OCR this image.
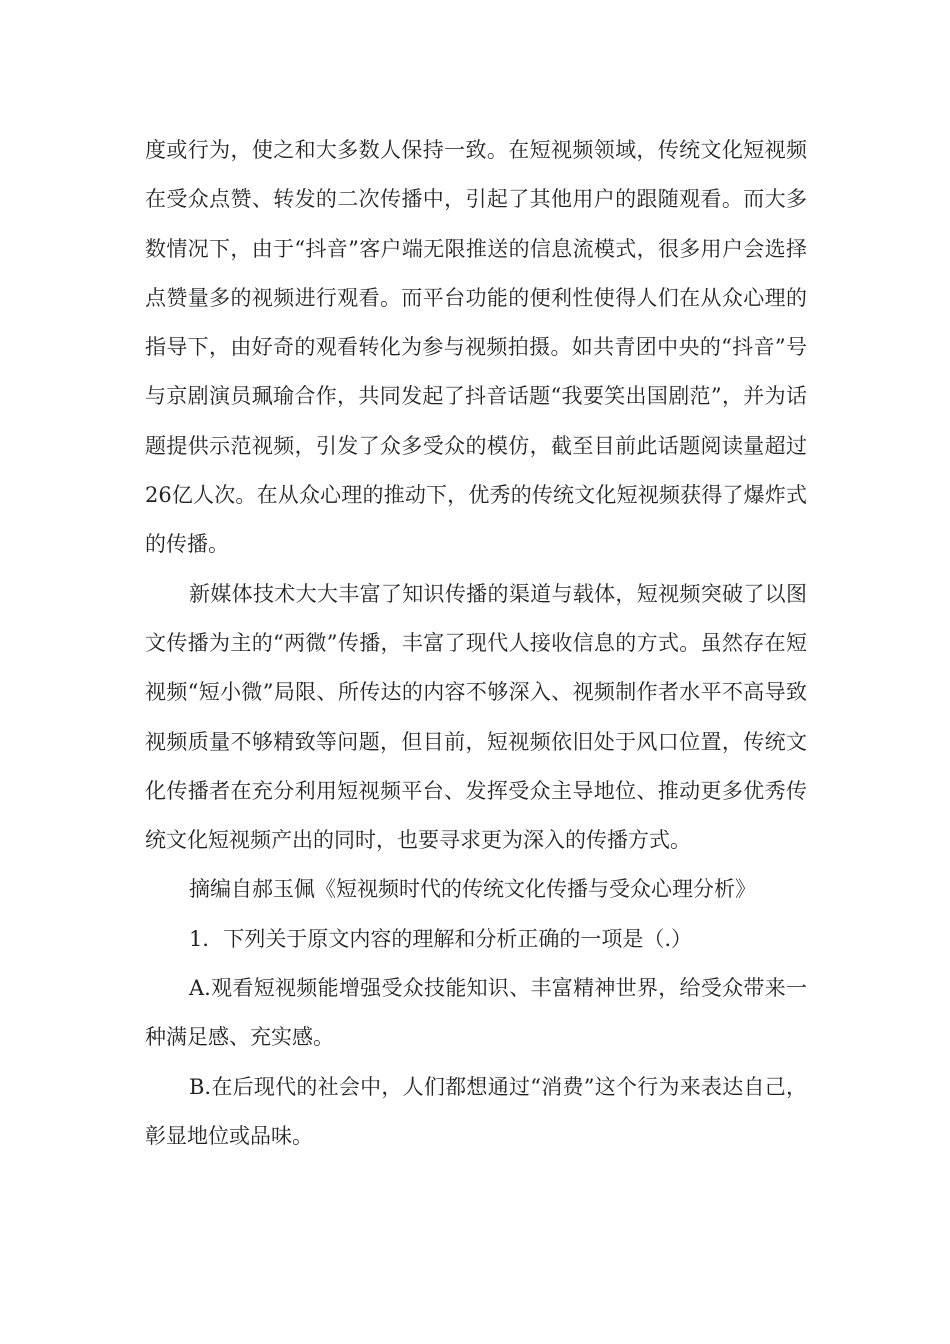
度或行为，使之和大多数人保持一致。在短视频领域，传统文化短视频在受众点赞、转发的二次传播中，引起了其他用户的跟随观看。而大多数情况下，由于“抖音”客户端无限推送的信息流模式，很多用户会选择点赞量多的视频进行观看。而平台功能的便利性使得人们在从众心理的指导下，由好奇的观看转化为参与视频拍摄。如共青团中央的“抖音”号与京剧演员珮瑜合作，共同发起了抖音话题“我要笑出国剧范”，并为话题提供示范视频，引发了众多受众的模仿，截至目前此话题阅读量超过26亿人次。在从众心理的推动下，优秀的传统文化短视频获得了爆炸式的传播。

新媒体技术大大丰富了知识传播的渠道与载体，短视频突破了以图文传播为主的“两微”传播，丰富了现代人接收信息的方式。虽然存在短视频“短小微”局限、所传达的内容不够深入、视频制作者水平不高导致视频质量不够精致等问题，但目前，短视频依旧处于风口位置，传统文化传播者在充分利用短视频平台、发挥受众主导地位、推动更多优秀传统文化短视频产出的同时，也要寻求更为深入的传播方式。

摘编自郝玉佩《短视频时代的传统文化传播与受众心理分析》

1．下列关于原文内容的理解和分析正确的一项是（.）

A.观看短视频能增强受众技能知识、丰富精神世界，给受众带来一种满足感、充实感。

B.在后现代的社会中，人们都想通过“消费”这个行为来表达自己，彰显地位或品味。
